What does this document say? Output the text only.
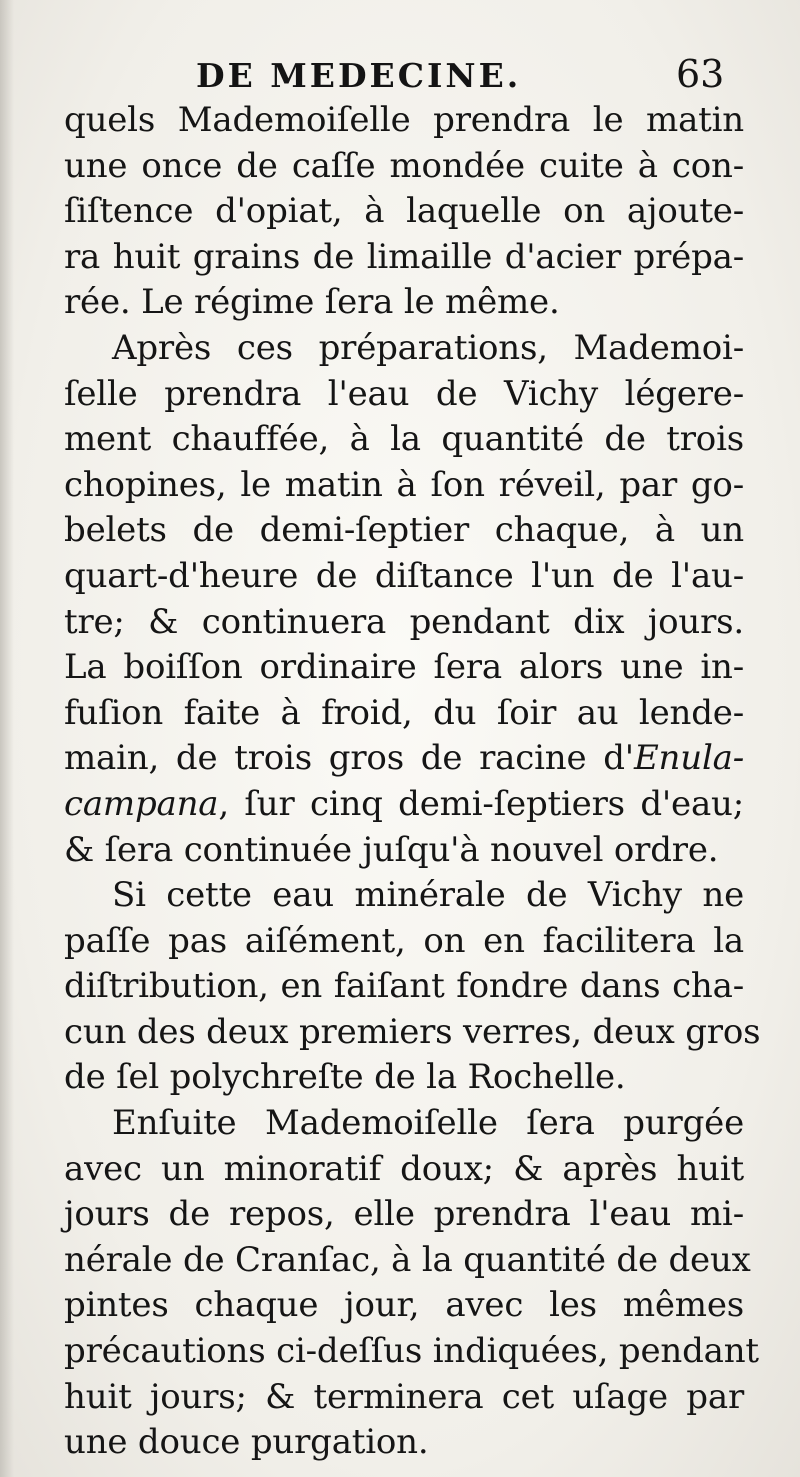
DE MEDECINE.	63
quels Mademoiſelle prendra le matin
une once de caſſe mondée cuite à con-
ſiſtence d'opiat, à laquelle on ajoute-
ra huit grains de limaille d'acier prépa-
rée. Le régime ſera le même.
Après ces préparations, Mademoi-
ſelle prendra l'eau de Vichy légere-
ment chauffée, à la quantité de trois
chopines, le matin à ſon réveil, par go-
belets de demi-ſeptier chaque, à un
quart-d'heure de diſtance l'un de l'au-
tre; & continuera pendant dix jours.
La boiſſon ordinaire ſera alors une in-
fuſion faite à froid, du ſoir au lende-
main, de trois gros de racine d'Enula-
campana, ſur cinq demi-ſeptiers d'eau;
& ſera continuée juſqu'à nouvel ordre.
Si cette eau minérale de Vichy ne
paſſe pas aiſément, on en facilitera la
diſtribution, en faiſant fondre dans cha-
cun des deux premiers verres, deux gros
de ſel polychreſte de la Rochelle.
Enſuite Mademoiſelle ſera purgée
avec un minoratif doux; & après huit
jours de repos, elle prendra l'eau mi-
nérale de Cranſac, à la quantité de deux
pintes chaque jour, avec les mêmes
précautions ci-deſſus indiquées, pendant
huit jours; & terminera cet uſage par
une douce purgation.
